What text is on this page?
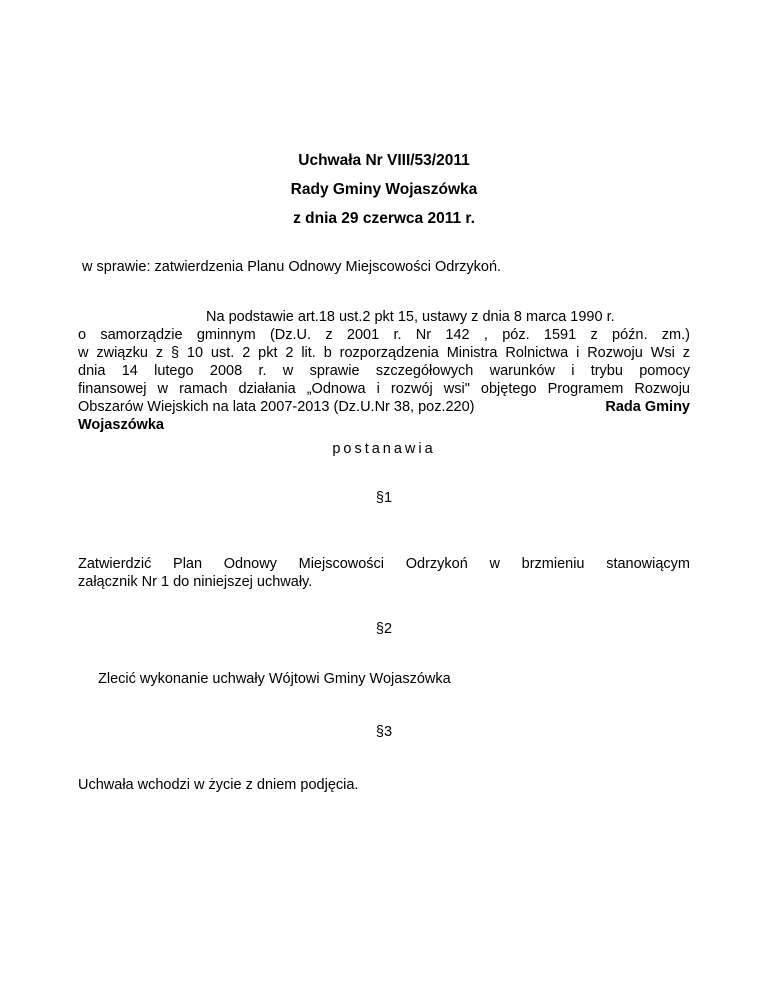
Uchwała Nr VIII/53/2011
Rady Gminy Wojaszówka
z dnia 29 czerwca 2011 r.
w sprawie: zatwierdzenia Planu Odnowy Miejscowości Odrzykoń.
Na podstawie art.18 ust.2 pkt 15, ustawy z dnia 8 marca 1990 r.
o samorządzie gminnym (Dz.U. z 2001 r. Nr 142 , póz. 1591 z późn. zm.)
w związku z § 10 ust. 2 pkt 2 lit. b rozporządzenia Ministra Rolnictwa i Rozwoju Wsi z
dnia 14 lutego 2008 r. w sprawie szczegółowych warunków i trybu pomocy
finansowej w ramach działania „Odnowa i rozwój wsi" objętego Programem Rozwoju
Obszarów Wiejskich na lata 2007-2013 (Dz.U.Nr 38, poz.220)	Rada Gminy
Wojaszówka
postanawia
§1
Zatwierdzić Plan Odnowy Miejscowości Odrzykoń w brzmieniu stanowiącym
załącznik Nr 1 do niniejszej uchwały.
§2
Zlecić wykonanie uchwały Wójtowi Gminy Wojaszówka
§3
Uchwała wchodzi w życie z dniem podjęcia.
